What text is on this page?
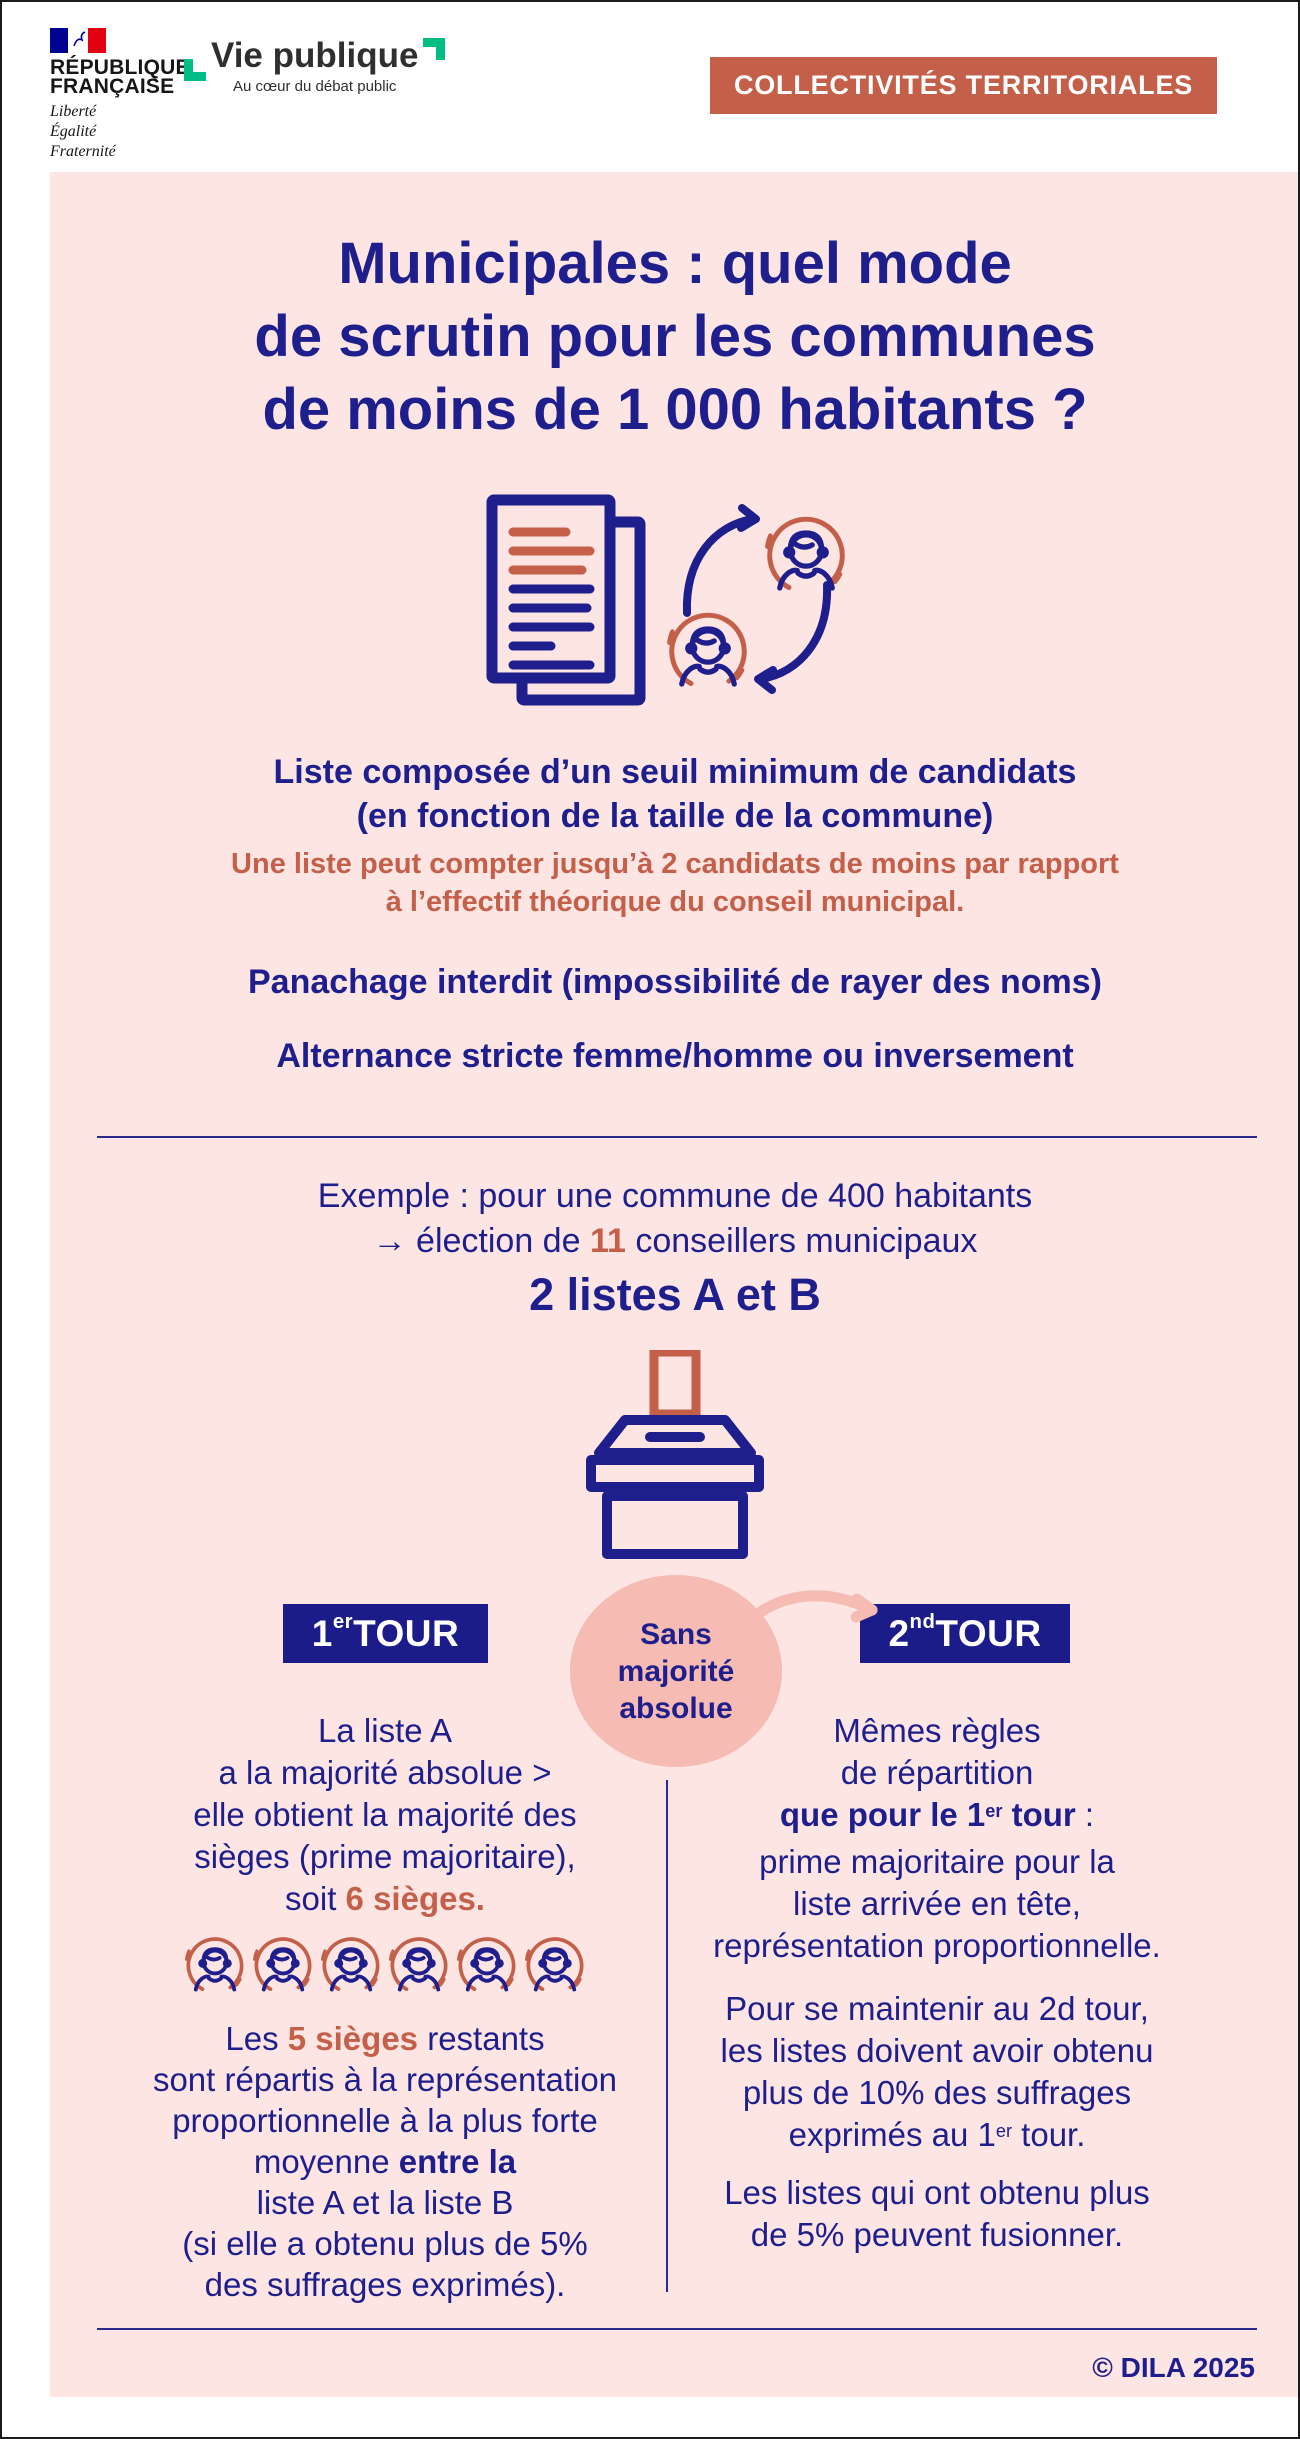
RÉPUBLIQUE
FRANÇAISE
Liberté
Égalité
Fraternité
Vie publique
Au cœur du débat public	COLLECTIVITÉS TERRITORIALES
Municipales : quel mode
de scrutin pour les communes
de moins de 1 000 habitants ?
Liste composée d’un seuil minimum de candidats
(en fonction de la taille de la commune)
Une liste peut compter jusqu’à 2 candidats de moins par rapport
à l’effectif théorique du conseil municipal.
Panachage interdit (impossibilité de rayer des noms)
Alternance stricte femme/homme ou inversement
Exemple : pour une commune de 400 habitants
→ élection de 11 conseillers municipaux
2 listes A et B
1 er TOUR	2 nd TOUR
Sans
majorité
absolue
La liste A
a la majorité absolue >
elle obtient la majorité des
sièges (prime majoritaire),
soit 6 sièges.
Les 5 sièges restants
sont répartis à la représentation
proportionnelle à la plus forte
moyenne entre la
liste A et la liste B
(si elle a obtenu plus de 5%
des suffrages exprimés).
Mêmes règles
de répartition
que pour le 1er tour :
prime majoritaire pour la
liste arrivée en tête,
représentation proportionnelle.
Pour se maintenir au 2d tour,
les listes doivent avoir obtenu
plus de 10% des suffrages
exprimés au 1er tour.
Les listes qui ont obtenu plus
de 5% peuvent fusionner.
© DILA 2025
